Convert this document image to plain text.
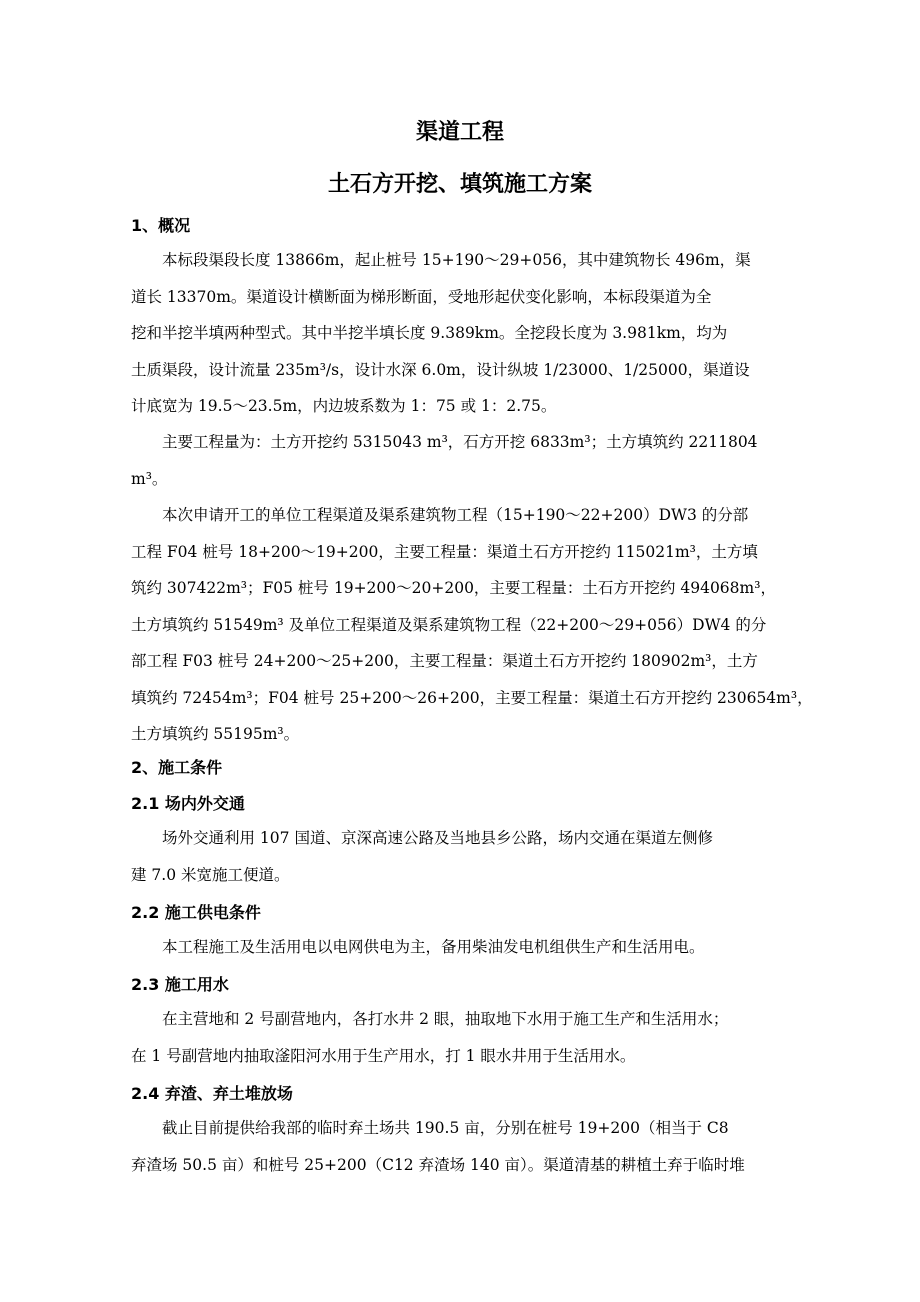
渠道工程
土石方开挖、填筑施工方案
1、概况
本标段渠段长度 13866m，起止桩号 15+190～29+056，其中建筑物长 496m，渠
道长 13370m。渠道设计横断面为梯形断面，受地形起伏变化影响，本标段渠道为全
挖和半挖半填两种型式。其中半挖半填长度 9.389km。全挖段长度为 3.981km，均为
土质渠段，设计流量 235m³/s，设计水深 6.0m，设计纵坡 1/23000、1/25000，渠道设
计底宽为 19.5～23.5m，内边坡系数为 1：75 或 1：2.75。
主要工程量为：土方开挖约 5315043 m³，石方开挖 6833m³；土方填筑约 2211804
m³。
本次申请开工的单位工程渠道及渠系建筑物工程（15+190～22+200）DW3 的分部
工程 F04 桩号 18+200～19+200，主要工程量：渠道土石方开挖约 115021m³，土方填
筑约 307422m³；F05 桩号 19+200～20+200，主要工程量：土石方开挖约 494068m³，
土方填筑约 51549m³ 及单位工程渠道及渠系建筑物工程（22+200～29+056）DW4 的分
部工程 F03 桩号 24+200～25+200，主要工程量：渠道土石方开挖约 180902m³，土方
填筑约 72454m³；F04 桩号 25+200～26+200，主要工程量：渠道土石方开挖约 230654m³，
土方填筑约 55195m³。
2、施工条件
2.1 场内外交通
场外交通利用 107 国道、京深高速公路及当地县乡公路，场内交通在渠道左侧修
建 7.0 米宽施工便道。
2.2 施工供电条件
本工程施工及生活用电以电网供电为主，备用柴油发电机组供生产和生活用电。
2.3 施工用水
在主营地和 2 号副营地内，各打水井 2 眼，抽取地下水用于施工生产和生活用水；
在 1 号副营地内抽取滏阳河水用于生产用水，打 1 眼水井用于生活用水。
2.4 弃渣、弃土堆放场
截止目前提供给我部的临时弃土场共 190.5 亩，分别在桩号 19+200（相当于 C8
弃渣场 50.5 亩）和桩号 25+200（C12 弃渣场 140 亩）。渠道清基的耕植土弃于临时堆
